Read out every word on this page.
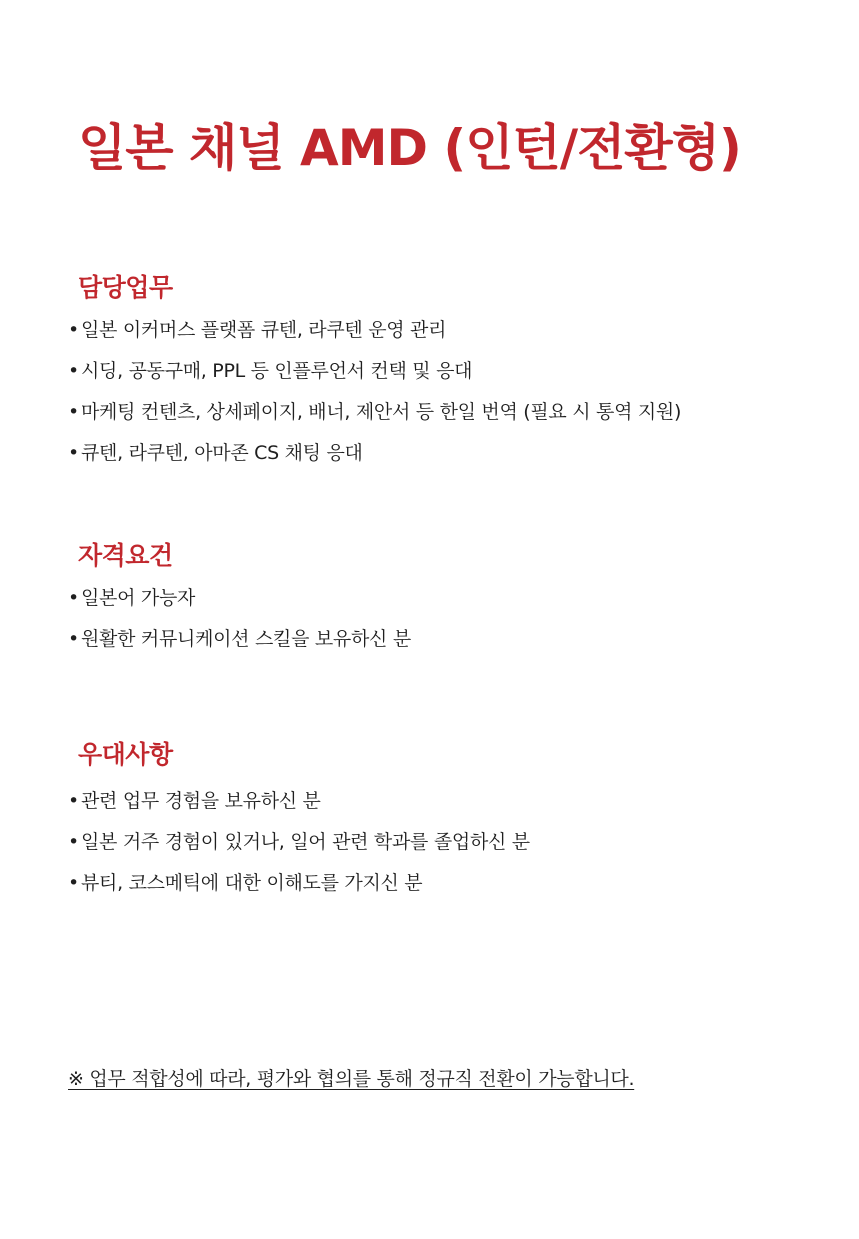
일본 채널 AMD (인턴/전환형)
담당업무
• 일본 이커머스 플랫폼 큐텐, 라쿠텐 운영 관리
• 시딩, 공동구매, PPL 등 인플루언서 컨택 및 응대
• 마케팅 컨텐츠, 상세페이지, 배너, 제안서 등 한일 번역 (필요 시 통역 지원)
• 큐텐, 라쿠텐, 아마존 CS 채팅 응대
자격요건
• 일본어 가능자
• 원활한 커뮤니케이션 스킬을 보유하신 분
우대사항
• 관련 업무 경험을 보유하신 분
• 일본 거주 경험이 있거나, 일어 관련 학과를 졸업하신 분
• 뷰티, 코스메틱에 대한 이해도를 가지신 분

※ 업무 적합성에 따라, 평가와 협의를 통해 정규직 전환이 가능합니다.
